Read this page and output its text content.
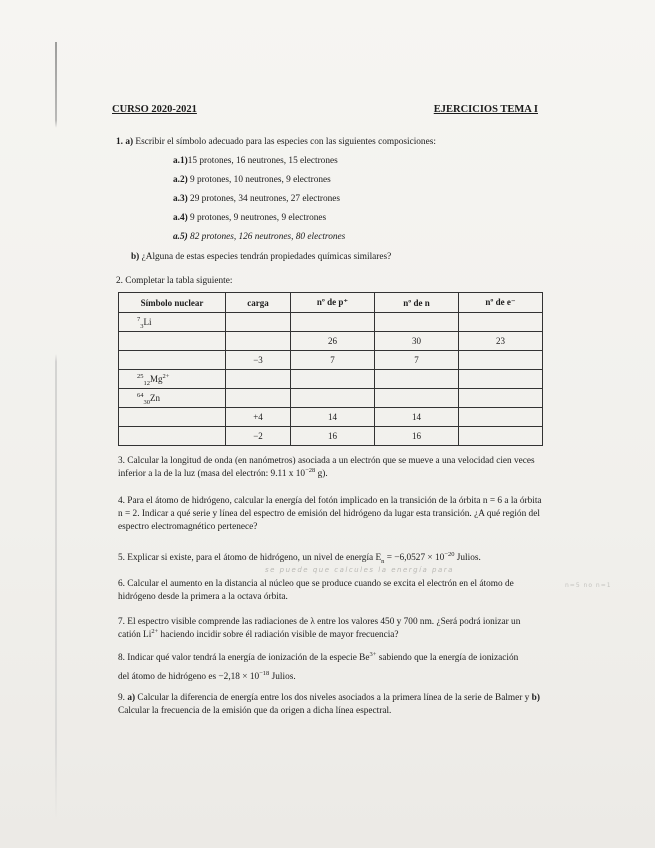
CURSO 2020-2021	EJERCICIOS TEMA I
1. a) Escribir el símbolo adecuado para las especies con las siguientes composiciones:
a.1)15 protones, 16 neutrones, 15 electrones
a.2) 9 protones, 10 neutrones, 9 electrones
a.3) 29 protones, 34 neutrones, 27 electrones
a.4) 9 protones, 9 neutrones, 9 electrones
a.5) 82 protones, 126 neutrones, 80 electrones
b) ¿Alguna de estas especies tendrán propiedades químicas similares?
2. Completar la tabla siguiente:
Símbolo nuclear	carga	nº de p⁺	nº de n	nº de e⁻
$^7_3$Li				
		26	30	23
	−3	7	7	
$^{25}_{12}Mg^{2+}$				
$^{64}_{30}$Zn				
	+4	14	14	
	−2	16	16	
3. Calcular la longitud de onda (en nanómetros) asociada a un electrón que se mueve a una velocidad cien veces inferior a la de la luz (masa del electrón: 9.11 x $10^{-28}$ g).
4. Para el átomo de hidrógeno, calcular la energía del fotón implicado en la transición de la órbita n = 6 a la órbita n = 2. Indicar a qué serie y línea del espectro de emisión del hidrógeno da lugar esta transición. ¿A qué región del espectro electromagnético pertenece?
5. Explicar si existe, para el átomo de hidrógeno, un nivel de energía $E_n = -6,0527 \times 10^{-20}$ Julios.
se puede que calcules la energía para
n=5 no n=1
6. Calcular el aumento en la distancia al núcleo que se produce cuando se excita el electrón en el átomo de hidrógeno desde la primera a la octava órbita.
7. El espectro visible comprende las radiaciones de λ entre los valores 450 y 700 nm. ¿Será podrá ionizar un catión $Li^{2+}$ haciendo incidir sobre él radiación visible de mayor frecuencia?
8. Indicar qué valor tendrá la energía de ionización de la especie $Be^{3+}$ sabiendo que la energía de ionización
del átomo de hidrógeno es $-2,18 \times 10^{-18}$ Julios.
9. a) Calcular la diferencia de energía entre los dos niveles asociados a la primera línea de la serie de Balmer y b) Calcular la frecuencia de la emisión que da origen a dicha línea espectral.
